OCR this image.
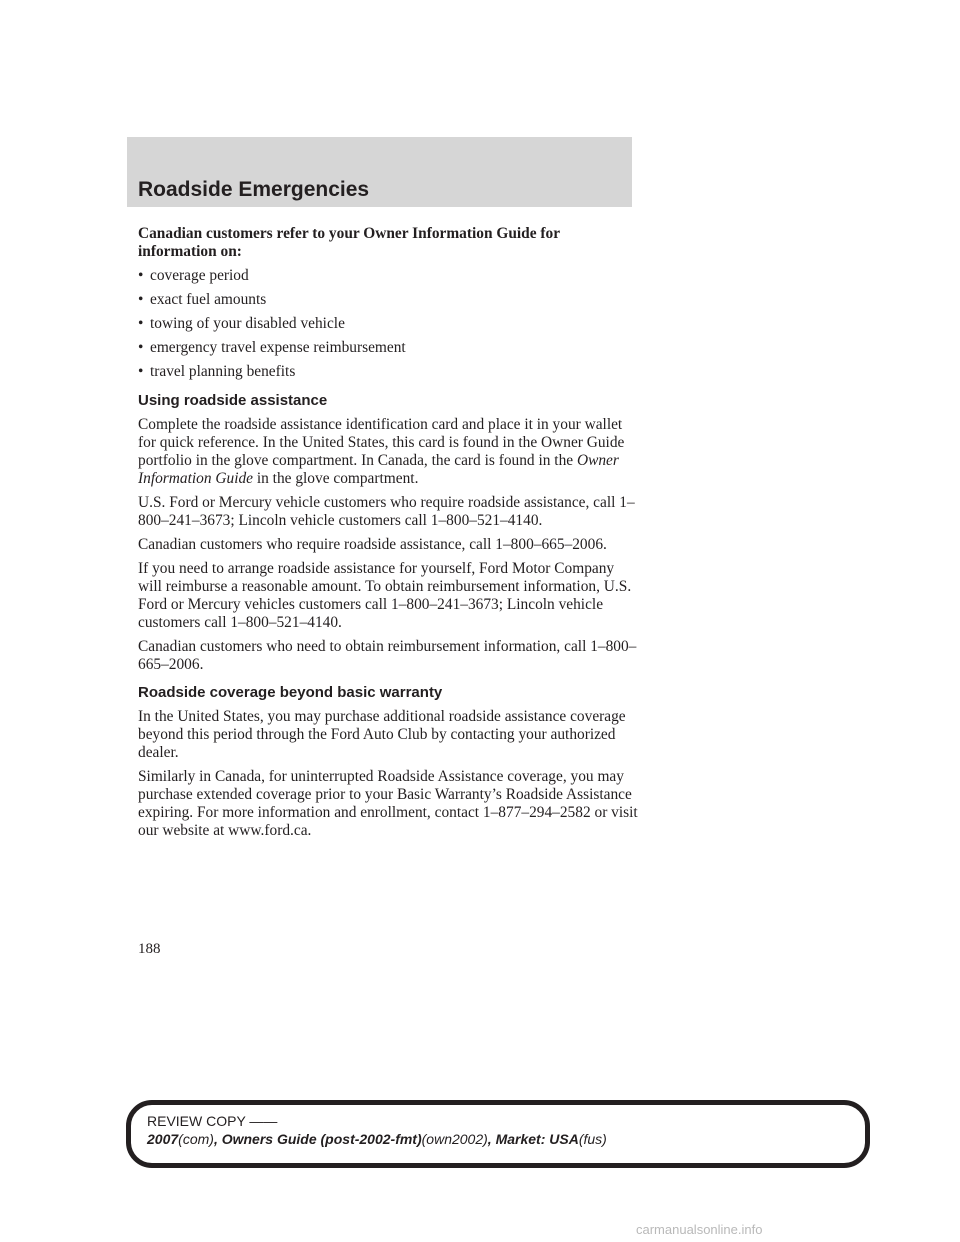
Roadside Emergencies

Canadian customers refer to your Owner Information Guide for information on:

• coverage period
• exact fuel amounts
• towing of your disabled vehicle
• emergency travel expense reimbursement
• travel planning benefits
Using roadside assistance

Complete the roadside assistance identification card and place it in your wallet for quick reference. In the United States, this card is found in the Owner Guide portfolio in the glove compartment. In Canada, the card is found in the Owner Information Guide in the glove compartment.

U.S. Ford or Mercury vehicle customers who require roadside assistance, call 1–800–241–3673; Lincoln vehicle customers call 1–800–521–4140.

Canadian customers who require roadside assistance, call 1–800–665–2006.

If you need to arrange roadside assistance for yourself, Ford Motor Company will reimburse a reasonable amount. To obtain reimbursement information, U.S. Ford or Mercury vehicles customers call 1–800–241–3673; Lincoln vehicle customers call 1–800–521–4140.

Canadian customers who need to obtain reimbursement information, call 1–800–665–2006.

Roadside coverage beyond basic warranty

In the United States, you may purchase additional roadside assistance coverage beyond this period through the Ford Auto Club by contacting your authorized dealer.

Similarly in Canada, for uninterrupted Roadside Assistance coverage, you may purchase extended coverage prior to your Basic Warranty’s Roadside Assistance expiring. For more information and enrollment, contact 1–877–294–2582 or visit our website at www.ford.ca.

188
REVIEW COPY ——
2007(com), Owners Guide (post-2002-fmt)(own2002), Market: USA(fus)
carmanualsonline.info
